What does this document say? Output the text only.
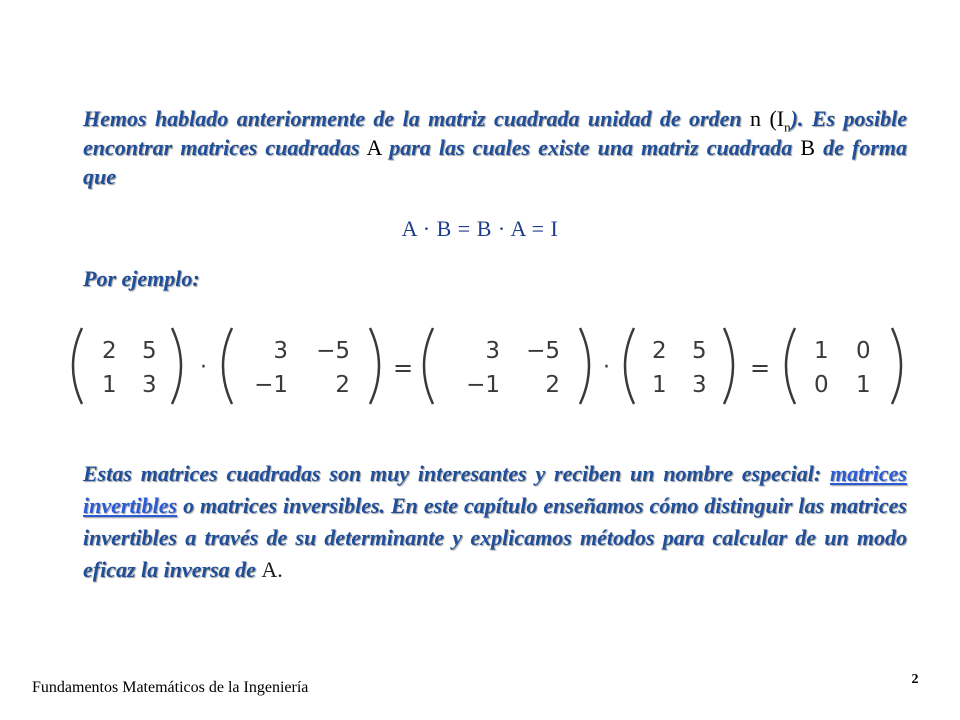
Hemos hablado anteriormente de la matriz cuadrada unidad de orden n $(I_n)$. Es posible encontrar matrices cuadradas A para las cuales existe una matriz cuadrada B de forma que
A · B = B · A = I
Por ejemplo:
2 5
1 3
·
3 −5
−1 2
=
3 −5
−1 2
·
2 5
1 3
=
1 0
0 1
Estas matrices cuadradas son muy interesantes y reciben un nombre especial: matrices invertibles o matrices inversibles. En este capítulo enseñamos cómo distinguir las matrices invertibles a través de su determinante y explicamos métodos para calcular de un modo eficaz la inversa de A.
Fundamentos Matemáticos de la Ingeniería	2
